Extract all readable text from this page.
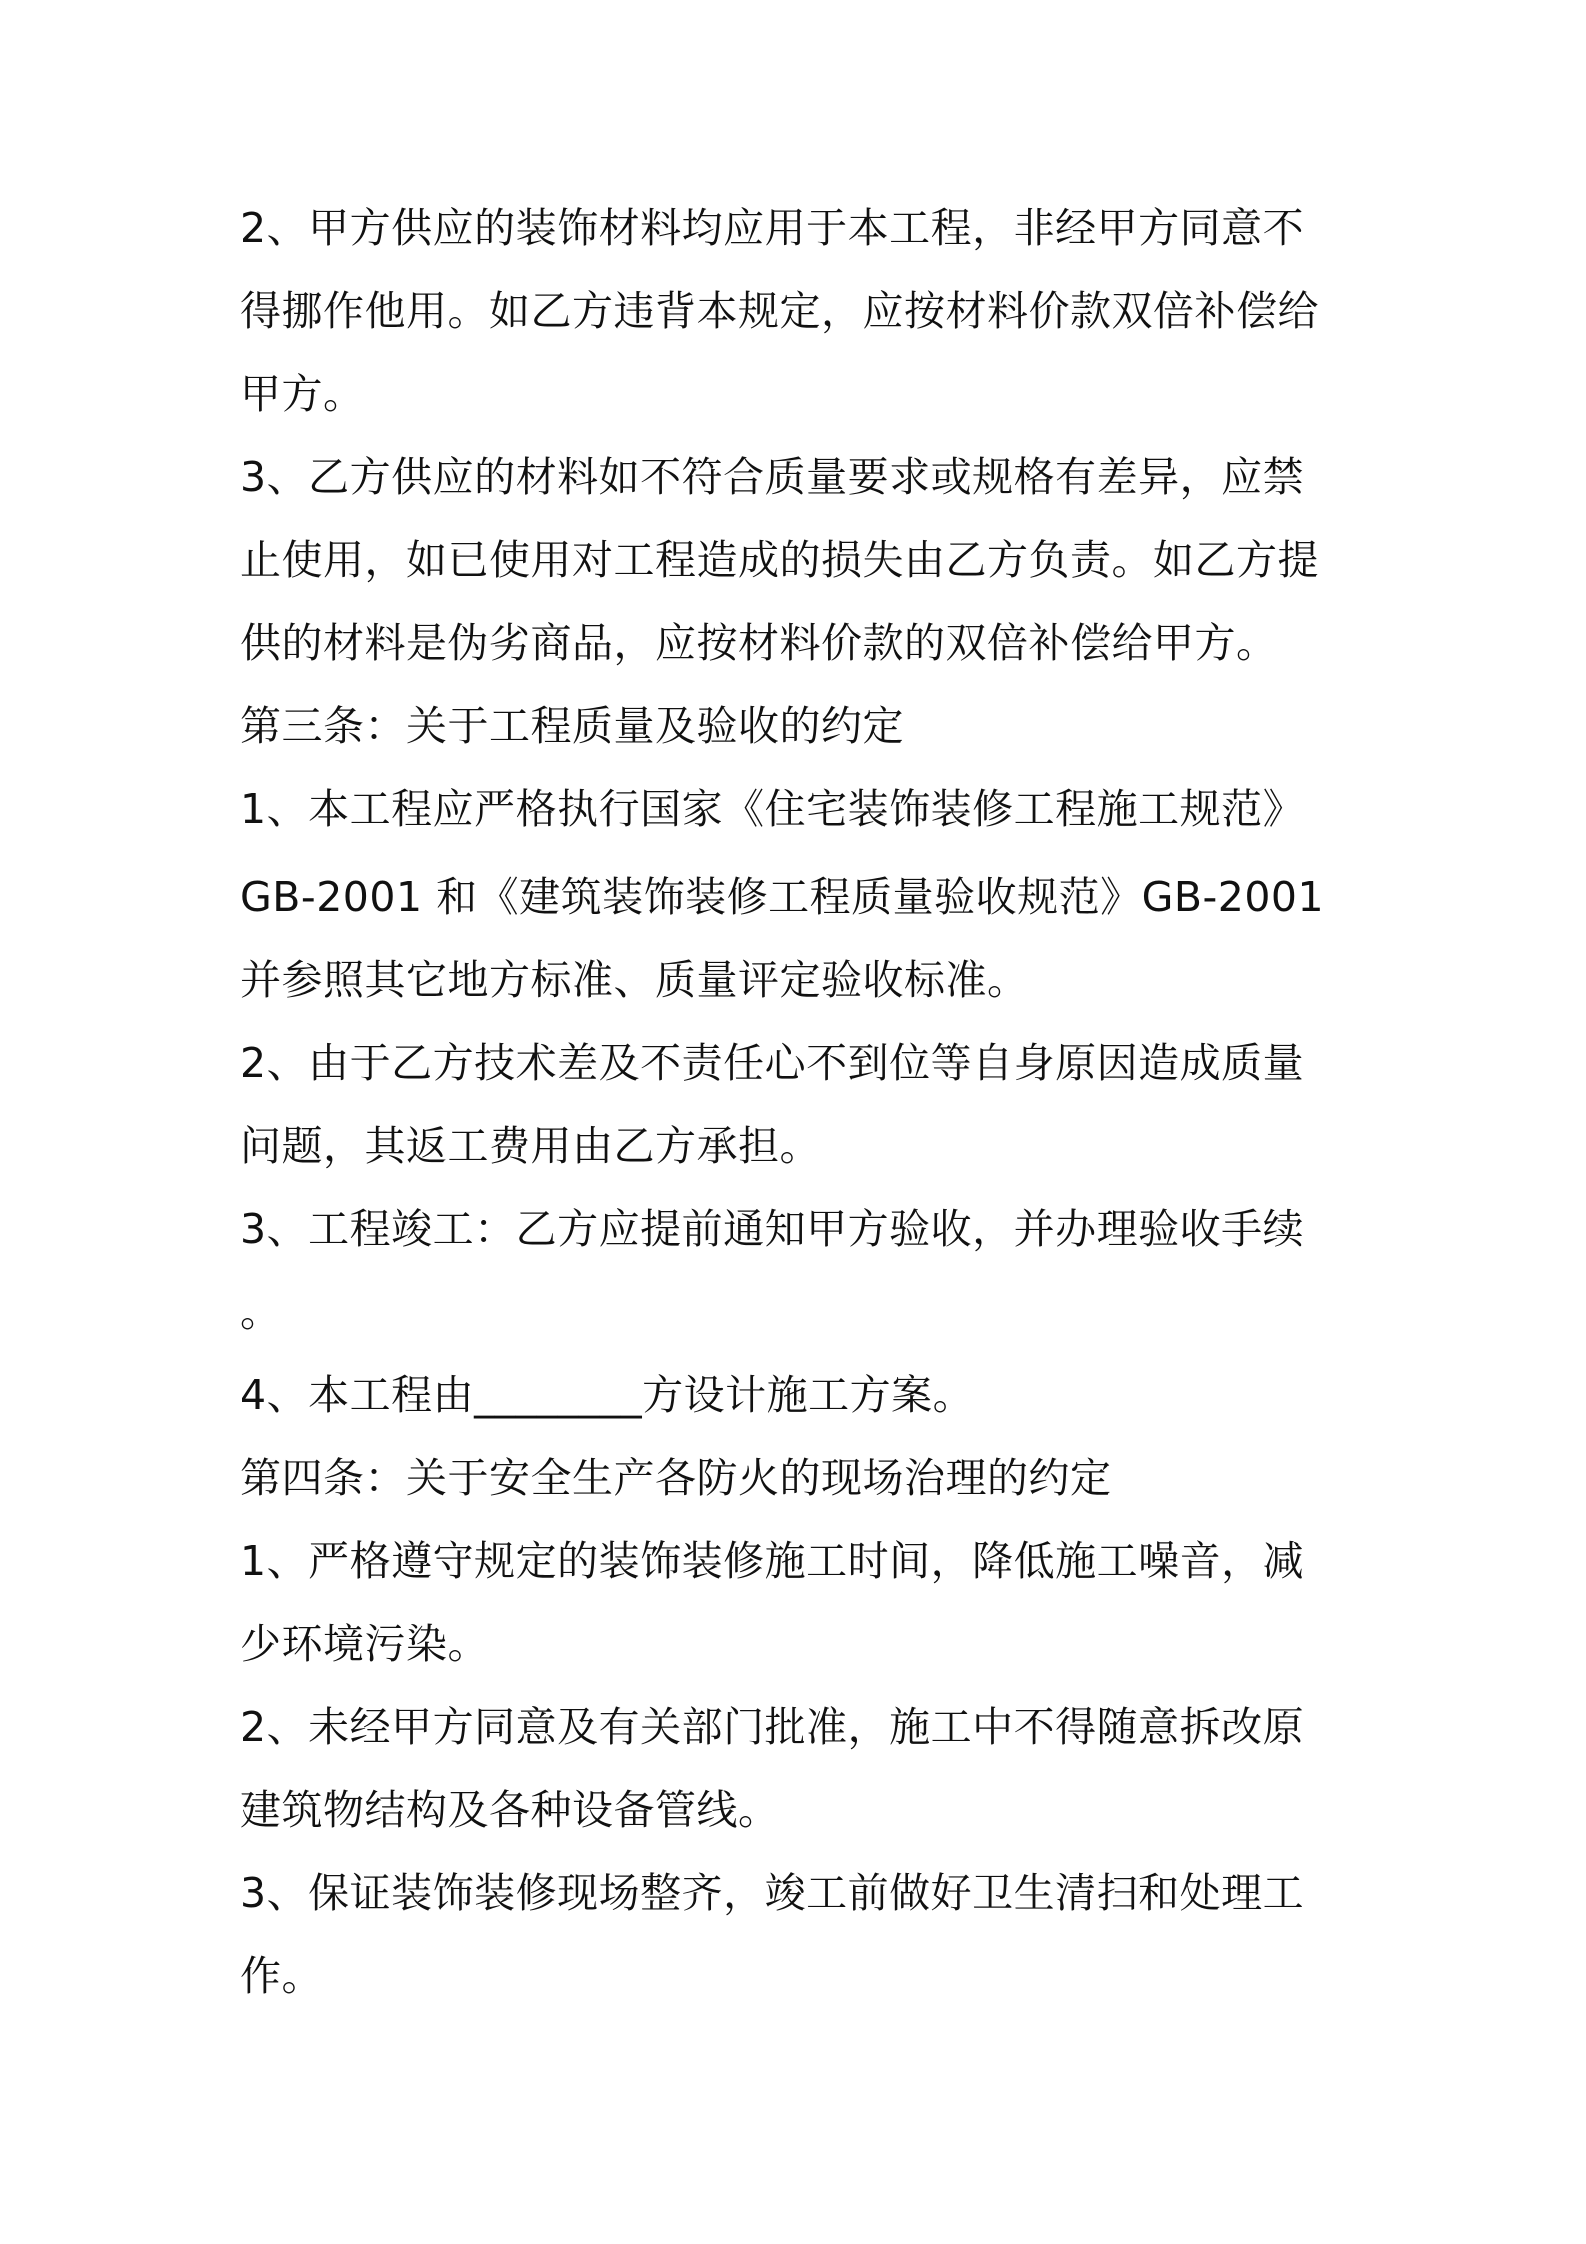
2、甲方供应的装饰材料均应用于本工程，非经甲方同意不
得挪作他用。如乙方违背本规定，应按材料价款双倍补偿给
甲方。
3、乙方供应的材料如不符合质量要求或规格有差异，应禁
止使用，如已使用对工程造成的损失由乙方负责。如乙方提
供的材料是伪劣商品，应按材料价款的双倍补偿给甲方。
第三条：关于工程质量及验收的约定
1、本工程应严格执行国家《住宅装饰装修工程施工规范》
GB-2001 和《建筑装饰装修工程质量验收规范》GB-2001
并参照其它地方标准、质量评定验收标准。
2、由于乙方技术差及不责任心不到位等自身原因造成质量
问题，其返工费用由乙方承担。
3、工程竣工：乙方应提前通知甲方验收，并办理验收手续
。
4、本工程由________方设计施工方案。
第四条：关于安全生产各防火的现场治理的约定
1、严格遵守规定的装饰装修施工时间，降低施工噪音，减
少环境污染。
2、未经甲方同意及有关部门批准，施工中不得随意拆改原
建筑物结构及各种设备管线。
3、保证装饰装修现场整齐，竣工前做好卫生清扫和处理工
作。
